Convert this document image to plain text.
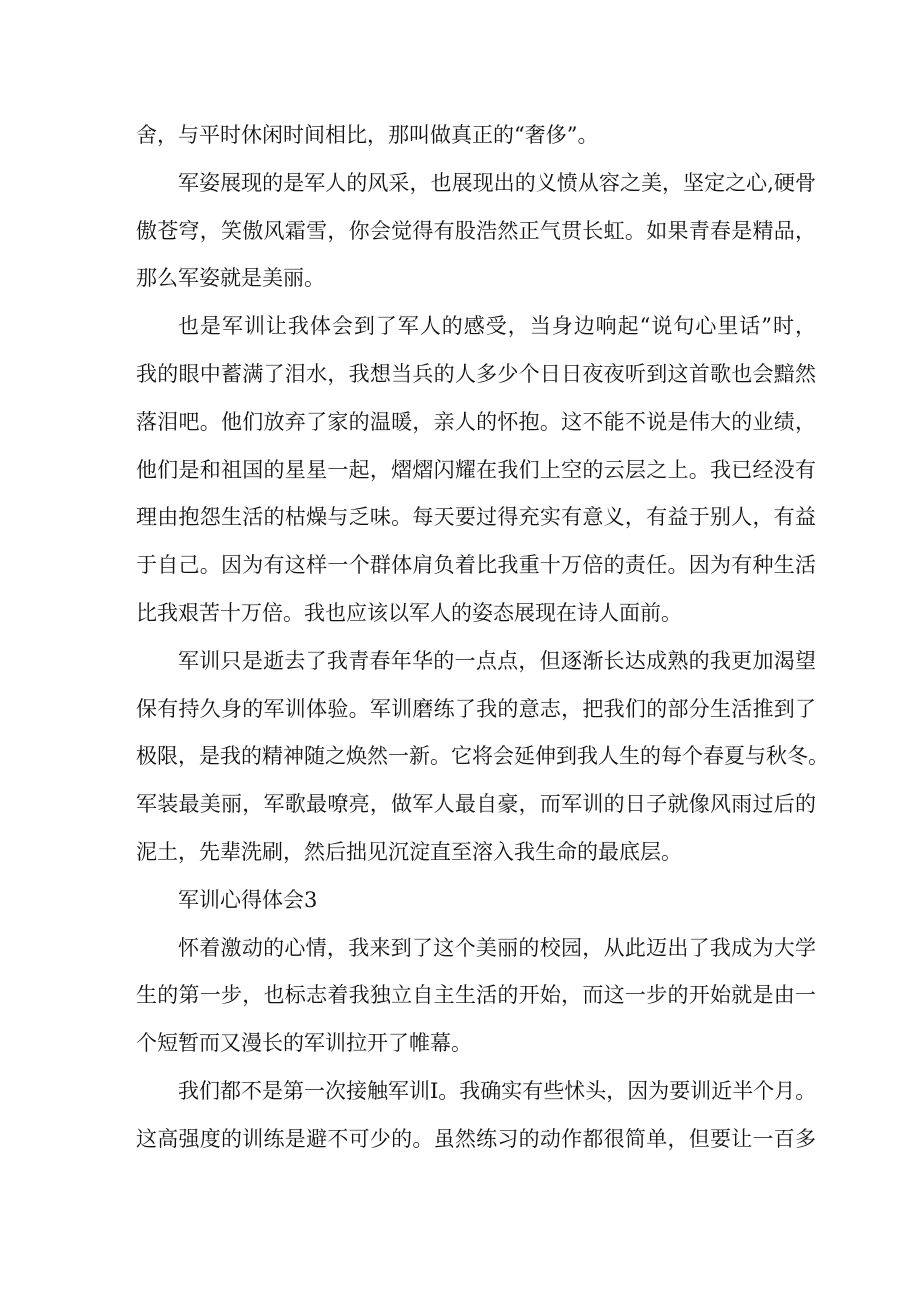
舍，与平时休闲时间相比，那叫做真正的“奢侈”。
军姿展现的是军人的风采，也展现出的义愤从容之美，坚定之心,硬骨
傲苍穹，笑傲风霜雪，你会觉得有股浩然正气贯长虹。如果青春是精品，
那么军姿就是美丽。
也是军训让我体会到了军人的感受，当身边响起“说句心里话”时，
我的眼中蓄满了泪水，我想当兵的人多少个日日夜夜听到这首歌也会黯然
落泪吧。他们放弃了家的温暖，亲人的怀抱。这不能不说是伟大的业绩，
他们是和祖国的星星一起，熠熠闪耀在我们上空的云层之上。我已经没有
理由抱怨生活的枯燥与乏味。每天要过得充实有意义，有益于别人，有益
于自己。因为有这样一个群体肩负着比我重十万倍的责任。因为有种生活
比我艰苦十万倍。我也应该以军人的姿态展现在诗人面前。
军训只是逝去了我青春年华的一点点，但逐渐长达成熟的我更加渴望
保有持久身的军训体验。军训磨练了我的意志，把我们的部分生活推到了
极限，是我的精神随之焕然一新。它将会延伸到我人生的每个春夏与秋冬。
军装最美丽，军歌最嘹亮，做军人最自豪，而军训的日子就像风雨过后的
泥土，先辈洗刷，然后拙见沉淀直至溶入我生命的最底层。
军训心得体会3
怀着激动的心情，我来到了这个美丽的校园，从此迈出了我成为大学
生的第一步，也标志着我独立自主生活的开始，而这一步的开始就是由一
个短暂而又漫长的军训拉开了帷幕。
我们都不是第一次接触军训I。我确实有些怵头，因为要训近半个月。
这高强度的训练是避不可少的。虽然练习的动作都很简单，但要让一百多
